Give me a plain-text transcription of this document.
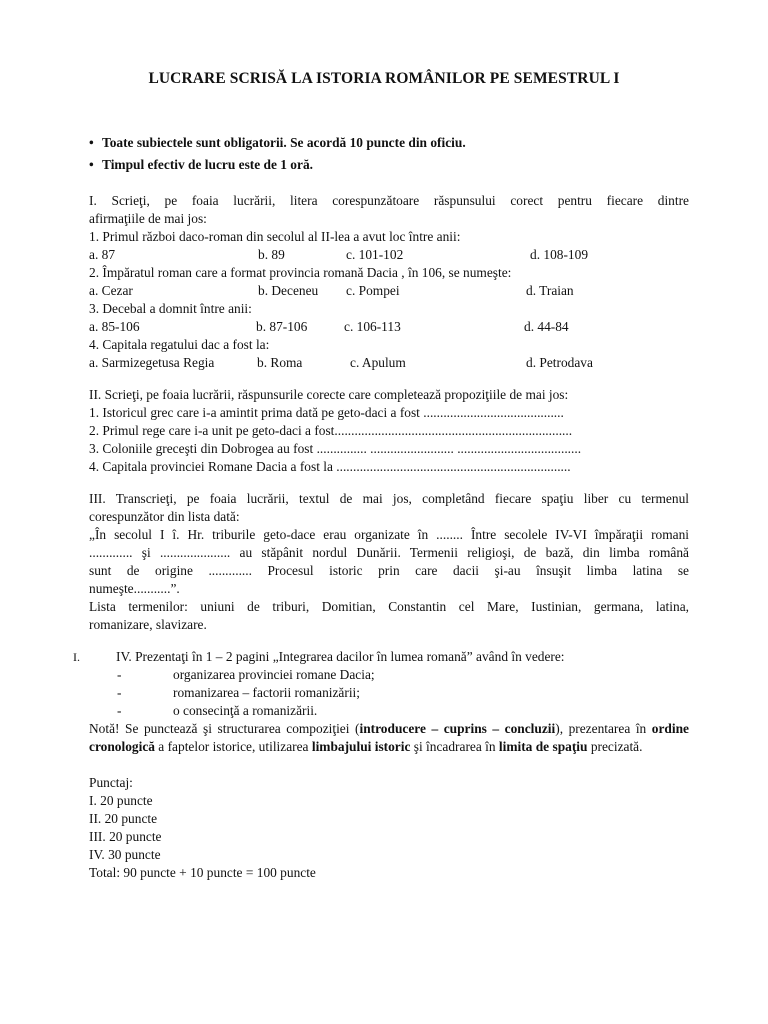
LUCRARE SCRISĂ LA ISTORIA ROMÂNILOR PE SEMESTRUL I
• Toate subiectele sunt obligatorii. Se acordă 10 puncte din oficiu.
• Timpul efectiv de lucru este de 1 oră.
I. Scrieţi, pe foaia lucrării, litera corespunzătoare răspunsului corect pentru fiecare dintre
afirmaţiile de mai jos:
1. Primul război daco-roman din secolul al II-lea a avut loc între anii:
a. 87	b. 89	c. 101-102	d. 108-109
2. Împăratul roman care a format provincia romană Dacia , în 106, se numeşte:
a. Cezar	b. Deceneu c. Pompei	d. Traian
3. Decebal a domnit între anii:
a. 85-106	b. 87-106	c. 106-113	d. 44-84
4. Capitala regatului dac a fost la:
a. Sarmizegetusa Regia	b. Roma	c. Apulum	d. Petrodava
II. Scrieţi, pe foaia lucrării, răspunsurile corecte care completează propoziţiile de mai jos:
1. Istoricul grec care i-a amintit prima dată pe geto-daci a fost ..........................................
2. Primul rege care i-a unit pe geto-daci a fost.......................................................................
3. Coloniile greceşti din Dobrogea au fost ............... ......................... .....................................
4. Capitala provinciei Romane Dacia a fost la ......................................................................
III. Transcrieţi, pe foaia lucrării, textul de mai jos, completând fiecare spaţiu liber cu termenul
corespunzător din lista dată:
„În secolul I î. Hr. triburile geto-dace erau organizate în ........ Între secolele IV-VI împăraţii romani
............. şi ..................... au stăpânit nordul Dunării. Termenii religioşi, de bază, din limba română
sunt de origine ............. Procesul istoric prin care dacii şi-au însuşit limba latina se
numeşte...........”.
Lista termenilor: uniuni de triburi, Domitian, Constantin cel Mare, Iustinian, germana, latina,
romanizare, slavizare.
I.	IV. Prezentaţi în 1 – 2 pagini „Integrarea dacilor în lumea romană” având în vedere:
-	organizarea provinciei romane Dacia;
-	romanizarea – factorii romanizării;
-	o consecinţă a romanizării.
Notă! Se punctează şi structurarea compoziţiei (introducere – cuprins – concluzii), prezentarea în ordine cronologică a faptelor istorice, utilizarea limbajului istoric şi încadrarea în limita de spaţiu precizată.
Punctaj:
I. 20 puncte
II. 20 puncte
III. 20 puncte
IV. 30 puncte
Total: 90 puncte + 10 puncte = 100 puncte
